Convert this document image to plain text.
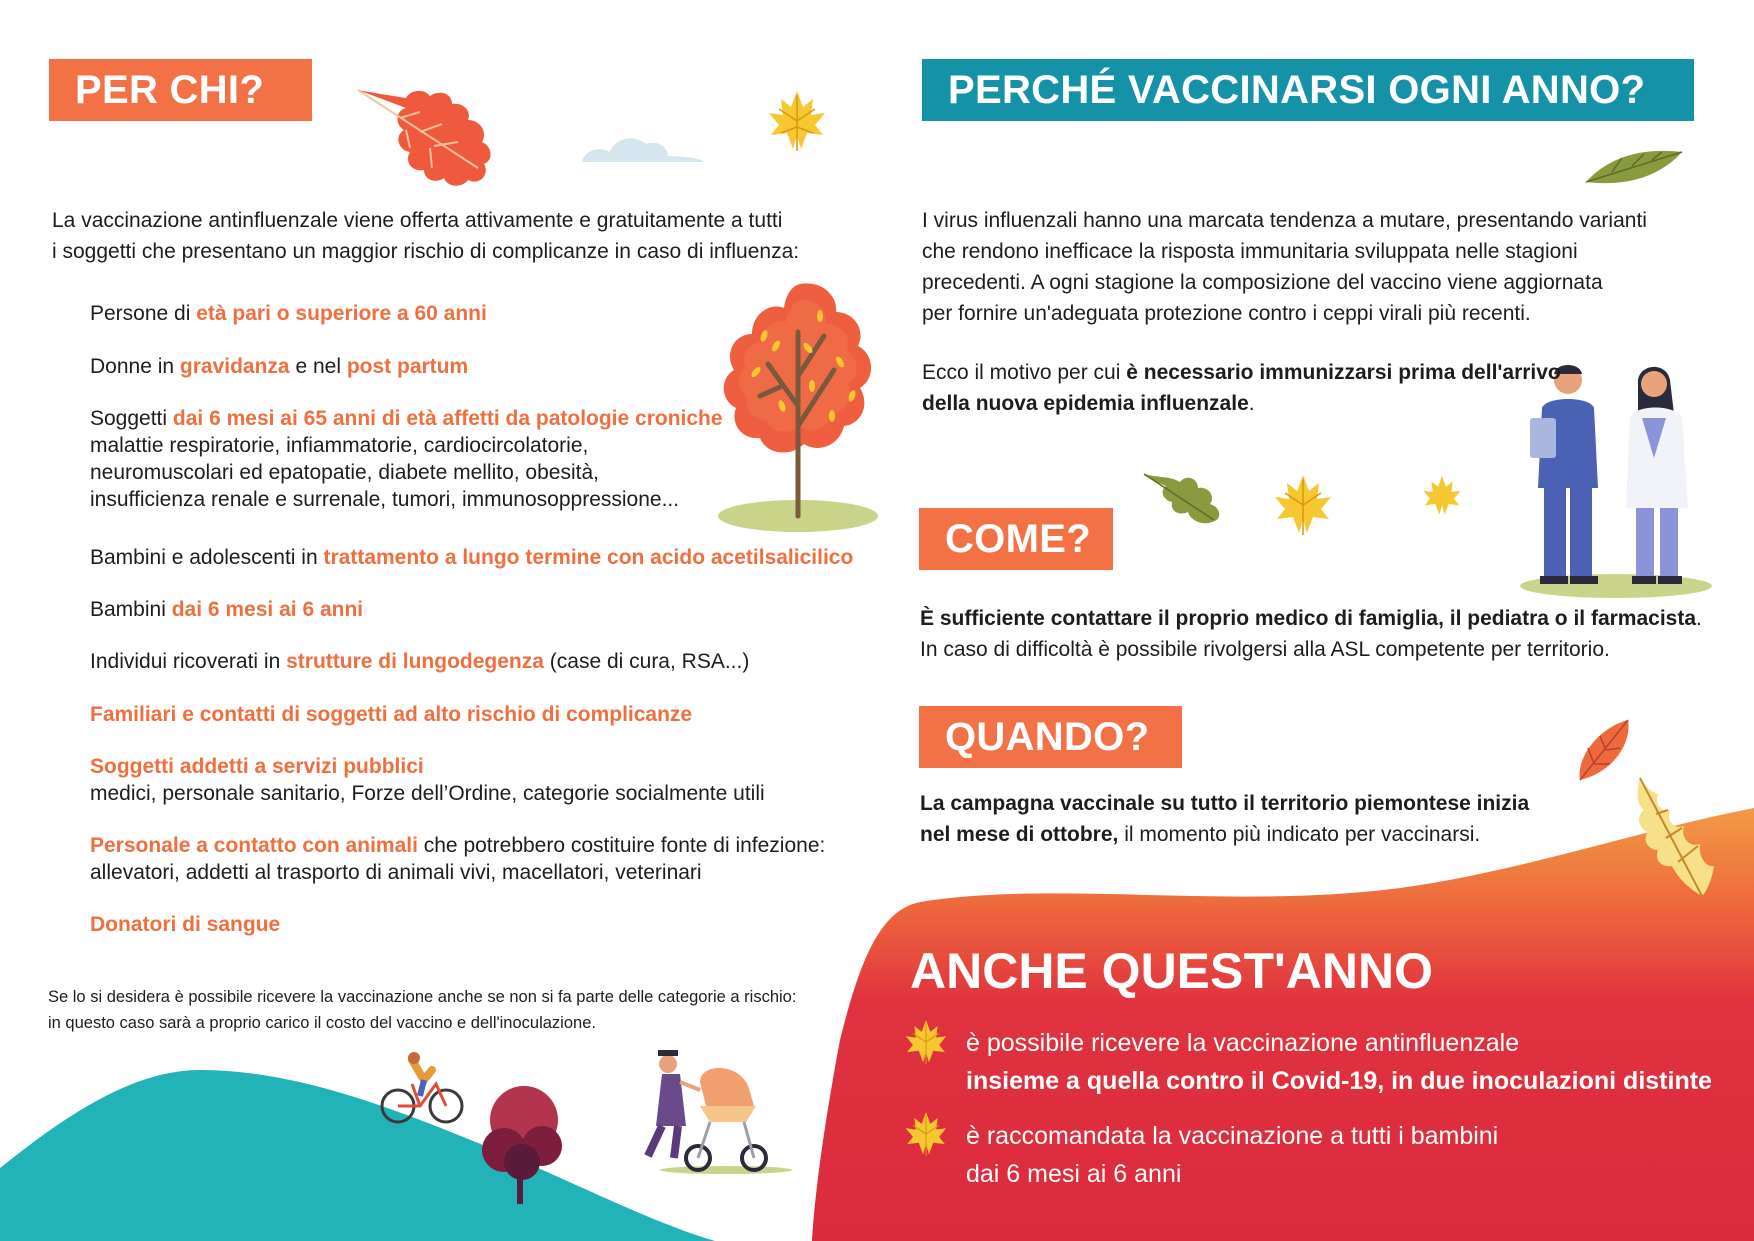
PER CHI?
La vaccinazione antinfluenzale viene offerta attivamente e gratuitamente a tutti
i soggetti che presentano un maggior rischio di complicanze in caso di influenza:
Persone di età pari o superiore a 60 anni
Donne in gravidanza e nel post partum
Soggetti dai 6 mesi ai 65 anni di età affetti da patologie croniche
malattie respiratorie, infiammatorie, cardiocircolatorie,
neuromuscolari ed epatopatie, diabete mellito, obesità,
insufficienza renale e surrenale, tumori, immunosoppressione...
Bambini e adolescenti in trattamento a lungo termine con acido acetilsalicilico
Bambini dai 6 mesi ai 6 anni
Individui ricoverati in strutture di lungodegenza (case di cura, RSA...)
Familiari e contatti di soggetti ad alto rischio di complicanze
Soggetti addetti a servizi pubblici
medici, personale sanitario, Forze dell’Ordine, categorie socialmente utili
Personale a contatto con animali che potrebbero costituire fonte di infezione:
allevatori, addetti al trasporto di animali vivi, macellatori, veterinari
Donatori di sangue
Se lo si desidera è possibile ricevere la vaccinazione anche se non si fa parte delle categorie a rischio:
in questo caso sarà a proprio carico il costo del vaccino e dell'inoculazione.
PERCHÉ VACCINARSI OGNI ANNO?
I virus influenzali hanno una marcata tendenza a mutare, presentando varianti
che rendono inefficace la risposta immunitaria sviluppata nelle stagioni
precedenti. A ogni stagione la composizione del vaccino viene aggiornata
per fornire un'adeguata protezione contro i ceppi virali più recenti.
Ecco il motivo per cui è necessario immunizzarsi prima dell'arrivo
della nuova epidemia influenzale.
COME?
È sufficiente contattare il proprio medico di famiglia, il pediatra o il farmacista.
In caso di difficoltà è possibile rivolgersi alla ASL competente per territorio.
QUANDO?
La campagna vaccinale su tutto il territorio piemontese inizia
nel mese di ottobre, il momento più indicato per vaccinarsi.
ANCHE QUEST'ANNO
è possibile ricevere la vaccinazione antinfluenzale
insieme a quella contro il Covid-19, in due inoculazioni distinte
è raccomandata la vaccinazione a tutti i bambini
dai 6 mesi ai 6 anni
